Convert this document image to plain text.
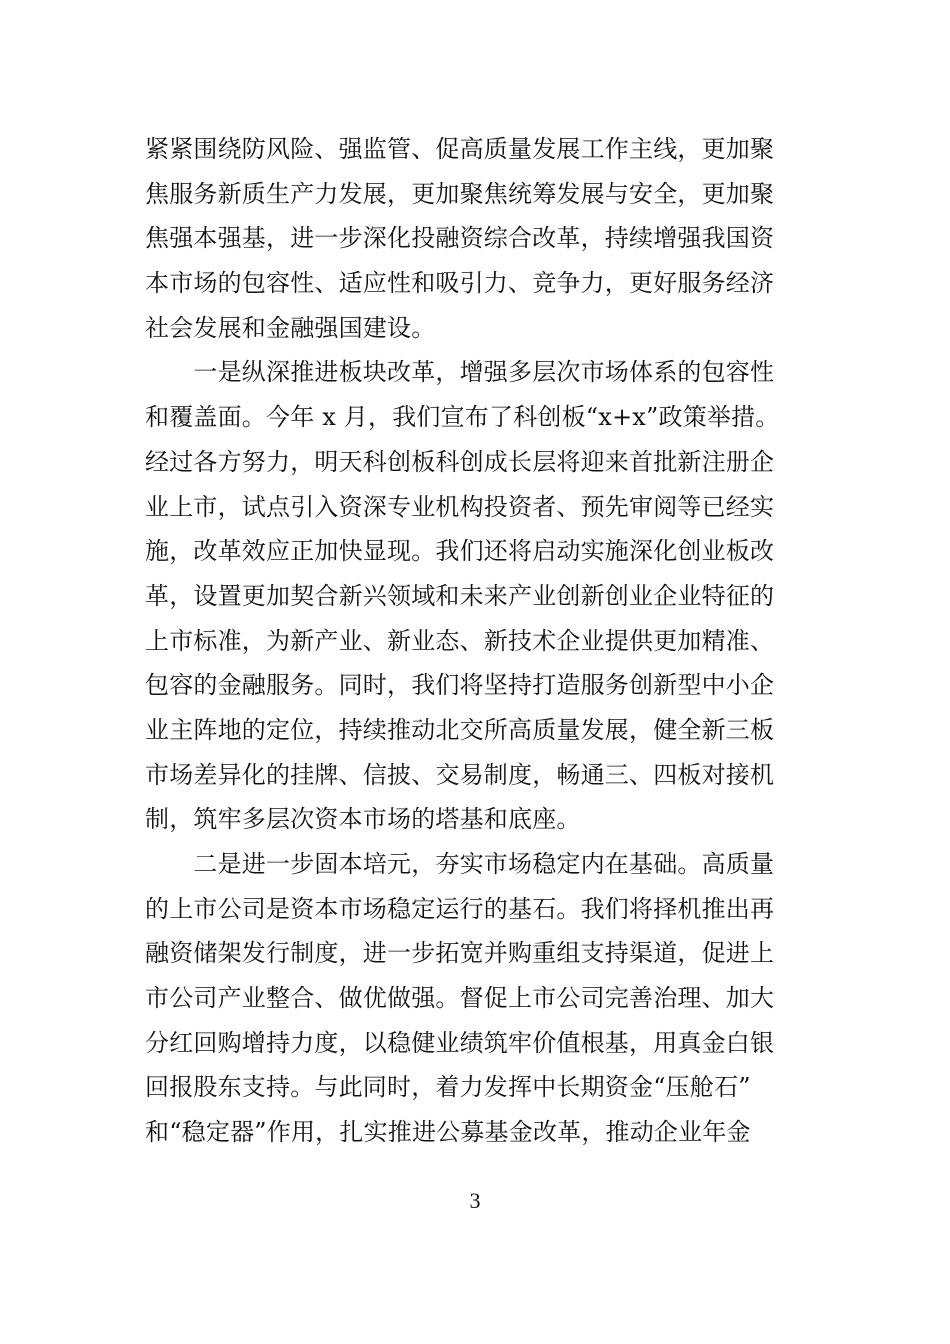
紧紧围绕防风险、强监管、促高质量发展工作主线，更加聚
焦服务新质生产力发展，更加聚焦统筹发展与安全，更加聚
焦强本强基，进一步深化投融资综合改革，持续增强我国资
本市场的包容性、适应性和吸引力、竞争力，更好服务经济
社会发展和金融强国建设。
　　一是纵深推进板块改革，增强多层次市场体系的包容性
和覆盖面。今年 x 月，我们宣布了科创板“x+x”政策举措。
经过各方努力，明天科创板科创成长层将迎来首批新注册企
业上市，试点引入资深专业机构投资者、预先审阅等已经实
施，改革效应正加快显现。我们还将启动实施深化创业板改
革，设置更加契合新兴领域和未来产业创新创业企业特征的
上市标准，为新产业、新业态、新技术企业提供更加精准、
包容的金融服务。同时，我们将坚持打造服务创新型中小企
业主阵地的定位，持续推动北交所高质量发展，健全新三板
市场差异化的挂牌、信披、交易制度，畅通三、四板对接机
制，筑牢多层次资本市场的塔基和底座。
　　二是进一步固本培元，夯实市场稳定内在基础。高质量
的上市公司是资本市场稳定运行的基石。我们将择机推出再
融资储架发行制度，进一步拓宽并购重组支持渠道，促进上
市公司产业整合、做优做强。督促上市公司完善治理、加大
分红回购增持力度，以稳健业绩筑牢价值根基，用真金白银
回报股东支持。与此同时，着力发挥中长期资金“压舱石”
和“稳定器”作用，扎实推进公募基金改革，推动企业年金
3
